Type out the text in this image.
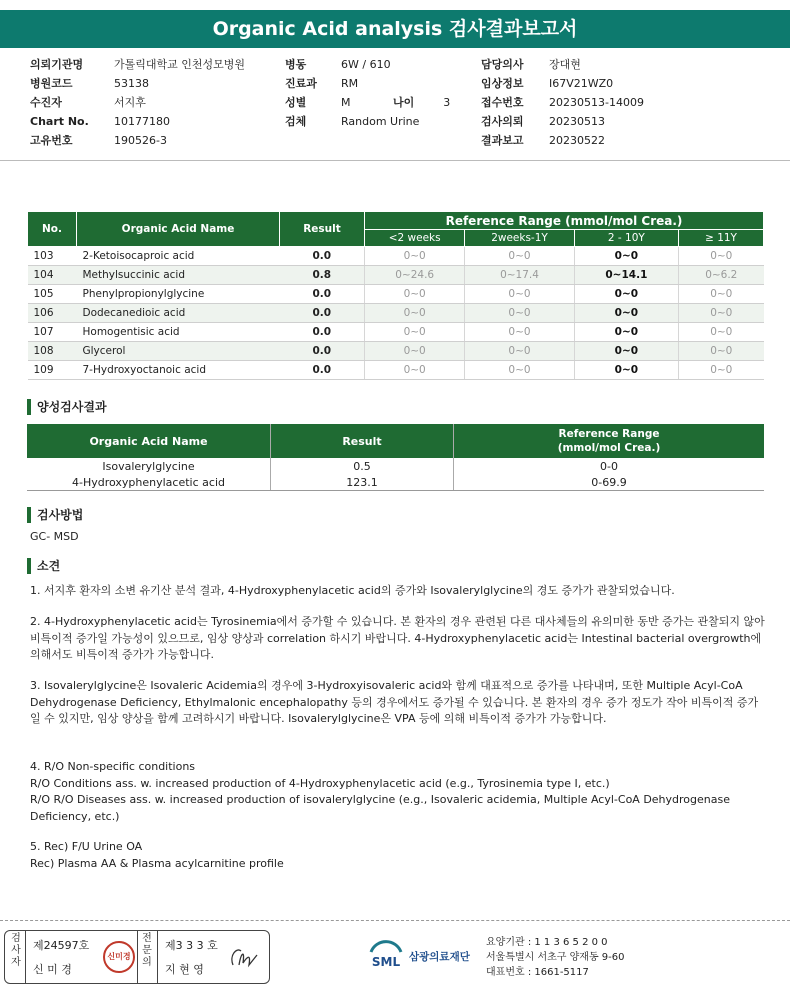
Organic Acid analysis 검사결과보고서
의뢰기관명	가톨릭대학교 인천성모병원
병원코드	53138
수진자	서지후
Chart No. 10177180
고유번호	190526-3
병동	6W / 610
진료과 RM
성별	M
검체	Random Urine
나이	3
담당의사 장대현
임상정보 I67V21WZ0
접수번호 20230513-14009
검사의뢰 20230513
결과보고 20230522
No.	Organic Acid Name	Result	Reference Range (mmol/mol Crea.)			
			<2 weeks	2weeks-1Y	2 - 10Y	≥ 11Y
103	2-Ketoisocaproic acid	0.0	0~0	0~0	0~0	0~0
104	Methylsuccinic acid	0.8	0~24.6	0~17.4	0~14.1	0~6.2
105	Phenylpropionylglycine	0.0	0~0	0~0	0~0	0~0
106	Dodecanedioic acid	0.0	0~0	0~0	0~0	0~0
107	Homogentisic acid	0.0	0~0	0~0	0~0	0~0
108	Glycerol	0.0	0~0	0~0	0~0	0~0
109	7-Hydroxyoctanoic acid	0.0	0~0	0~0	0~0	0~0
양성검사결과
Organic Acid Name	Result	Reference Range
(mmol/mol Crea.)
Isovalerylglycine	0.5	0-0
4-Hydroxyphenylacetic acid	123.1	0-69.9
검사방법
GC- MSD
소견

1. 서지후 환자의 소변 유기산 분석 결과, 4-Hydroxyphenylacetic acid의 증가와 Isovalerylglycine의 경도 증가가 관찰되었습니다.

2. 4-Hydroxyphenylacetic acid는 Tyrosinemia에서 증가할 수 있습니다. 본 환자의 경우 관련된 다른 대사체들의 유의미한 동반 증가는 관찰되지 않아 비특이적 증가일 가능성이 있으므로, 임상 양상과 correlation 하시기 바랍니다. 4-Hydroxyphenylacetic acid는 Intestinal bacterial overgrowth에 의해서도 비특이적 증가가 가능합니다.

3. Isovalerylglycine은 Isovaleric Acidemia의 경우에 3-Hydroxyisovaleric acid와 함께 대표적으로 증가를 나타내며, 또한 Multiple Acyl-CoA Dehydrogenase Deficiency, Ethylmalonic encephalopathy 등의 경우에서도 증가될 수 있습니다. 본 환자의 경우 증가 정도가 작아 비특이적 증가일 수 있지만, 임상 양상을 함께 고려하시기 바랍니다. Isovalerylglycine은 VPA 등에 의해 비특이적 증가가 가능합니다.

4. R/O Non-specific conditions
R/O Conditions ass. w. increased production of 4-Hydroxyphenylacetic acid (e.g., Tyrosinemia type Ⅰ, etc.)
R/O R/O Diseases ass. w. increased production of isovalerylglycine (e.g., Isovaleric acidemia, Multiple Acyl-CoA Dehydrogenase Deficiency, etc.)

5. Rec) F/U Urine OA
Rec) Plasma AA & Plasma acylcarnitine profile

검
사
자
제24597호
신 미 경
신미경
전
문
의
제3 3 3 호
지 현 영
SML 삼광의료재단
요양기관 : 1 1 3 6 5 2 0 0
서울특별시 서초구 양재동 9-60
대표번호 : 1661-5117
